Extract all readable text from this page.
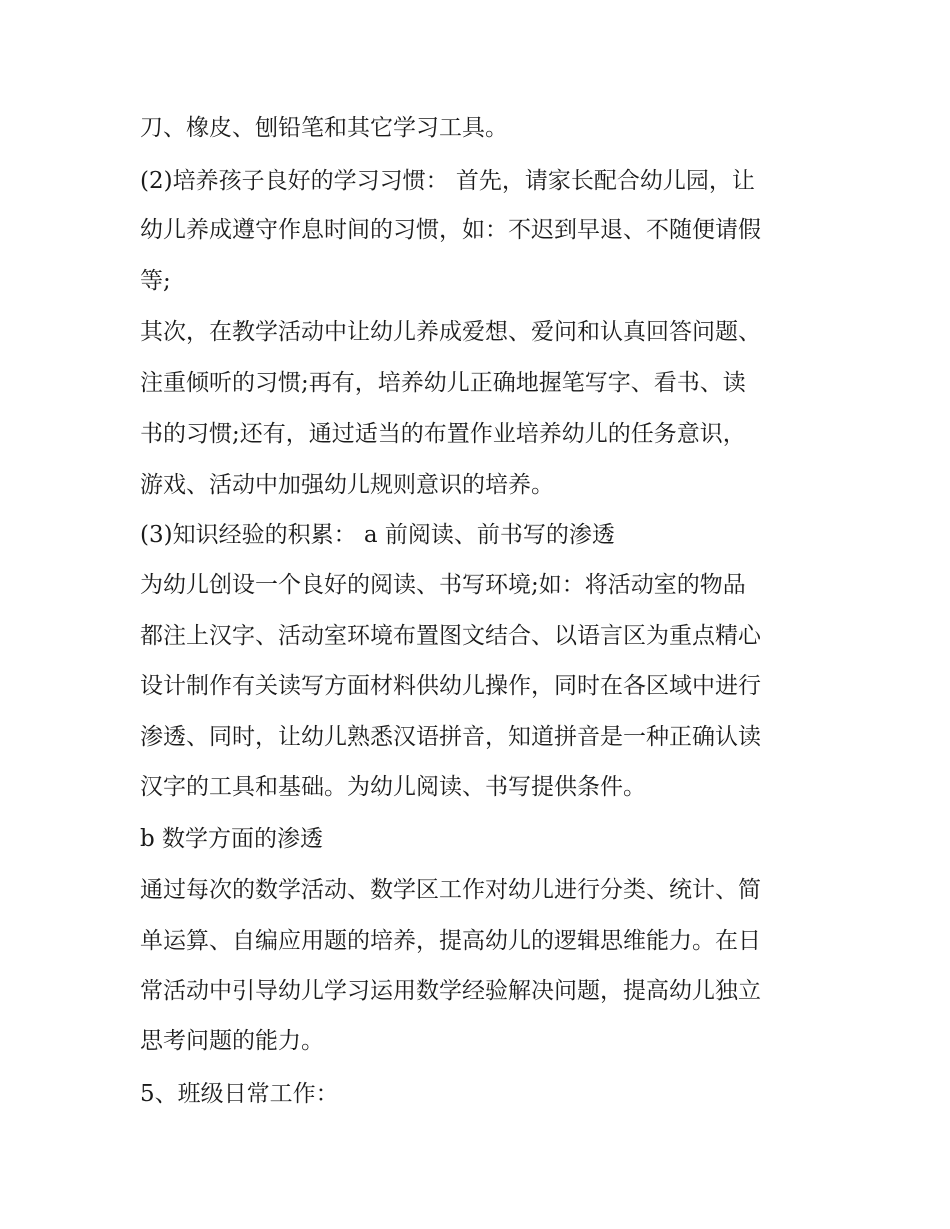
刀、橡皮、刨铅笔和其它学习工具。
(2)培养孩子良好的学习习惯： 首先，请家长配合幼儿园，让
幼儿养成遵守作息时间的习惯，如：不迟到早退、不随便请假
等;
其次，在教学活动中让幼儿养成爱想、爱问和认真回答问题、
注重倾听的习惯;再有，培养幼儿正确地握笔写字、看书、读
书的习惯;还有，通过适当的布置作业培养幼儿的任务意识，
游戏、活动中加强幼儿规则意识的培养。
(3)知识经验的积累： a 前阅读、前书写的渗透
为幼儿创设一个良好的阅读、书写环境;如：将活动室的物品
都注上汉字、活动室环境布置图文结合、以语言区为重点精心
设计制作有关读写方面材料供幼儿操作，同时在各区域中进行
渗透、同时，让幼儿熟悉汉语拼音，知道拼音是一种正确认读
汉字的工具和基础。为幼儿阅读、书写提供条件。
b 数学方面的渗透
通过每次的数学活动、数学区工作对幼儿进行分类、统计、简
单运算、自编应用题的培养，提高幼儿的逻辑思维能力。在日
常活动中引导幼儿学习运用数学经验解决问题，提高幼儿独立
思考问题的能力。
5、班级日常工作：
